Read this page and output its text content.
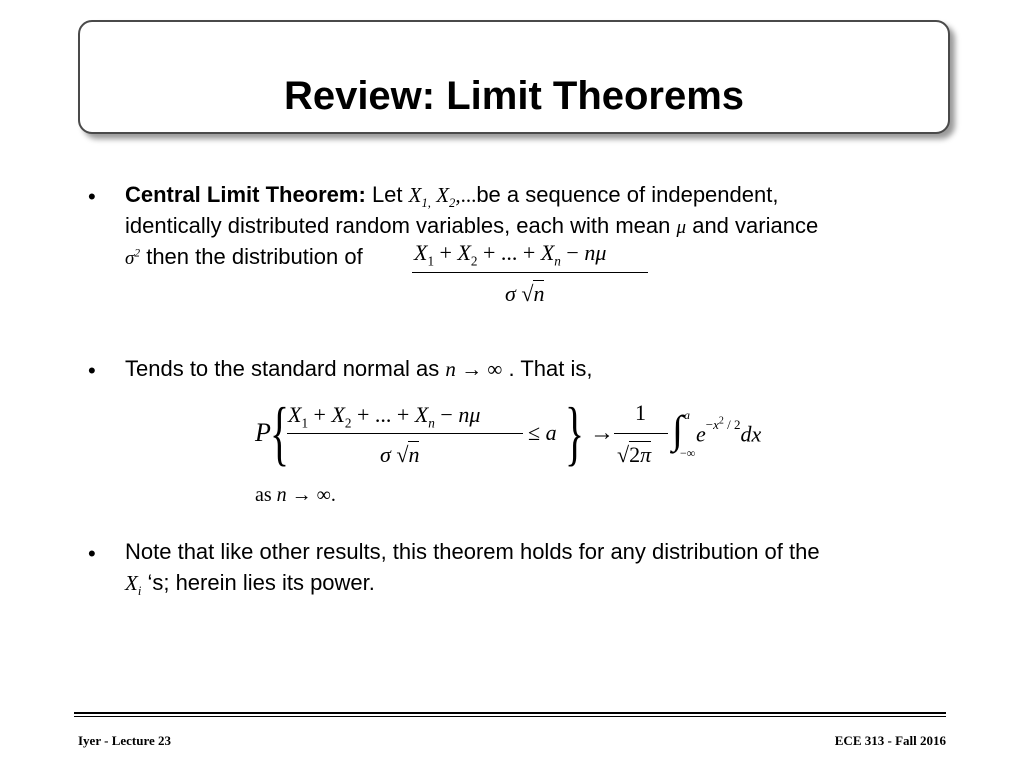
Review: Limit Theorems
• Central Limit Theorem: Let $X_{1,}$ $X_2,...be$ a sequence of independent,
identically distributed random variables, each with mean μ and variance
$\sigma^2$ then the distribution of $X_1 + X_2$ + ... + $X_n - n\mu$
σ √n
• Tends to the standard normal as n → ∞ . That is,
P {
$X_1 + X_2$ + ... + $X_n - n\mu$
σ √n
≤ a } →
1
√2π
∫ a
−∞
$e^{-x^2 / 2}dx$
as n → ∞.
• Note that like other results, this theorem holds for any distribution of the
$X_i$ ‘s; herein lies its power.
Iyer - Lecture 23	ECE 313 - Fall 2016
